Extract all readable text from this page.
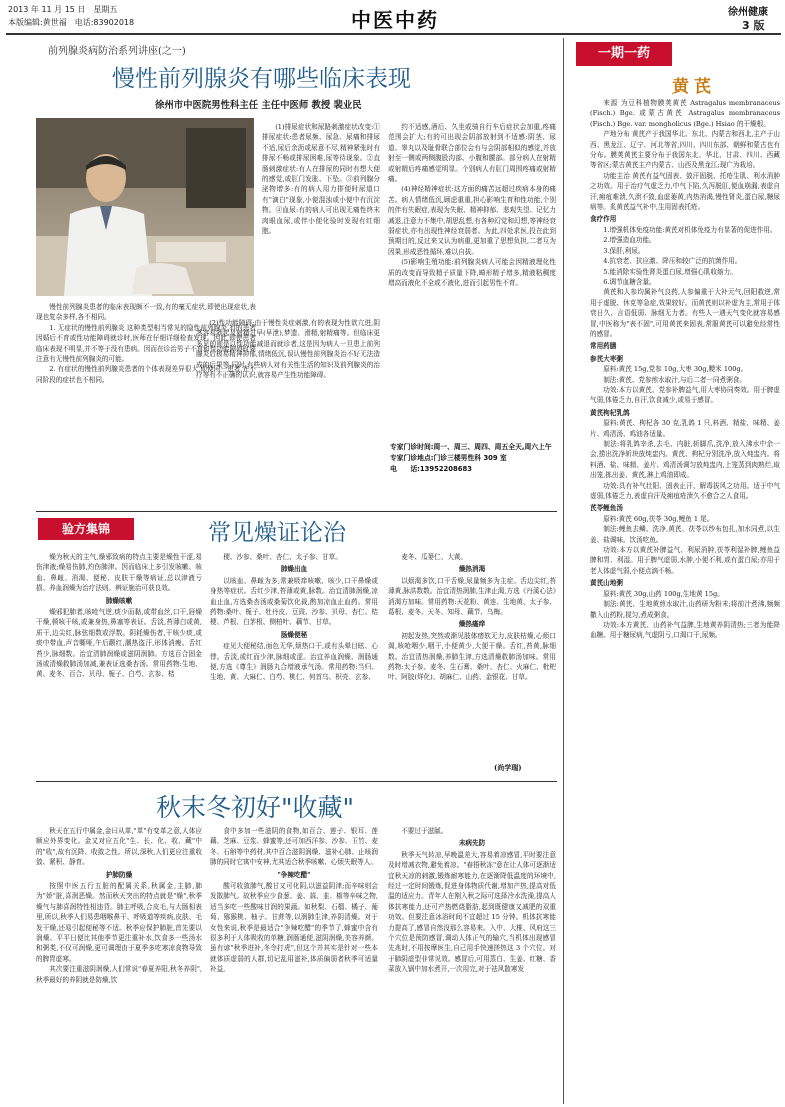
2013 年 11 月 15 日　星期五
本版编辑:黄世福　电话:83902018	中医中药	徐州健康
3 版
前列腺炎病防治系列讲座(之一)
慢性前列腺炎有哪些临床表现
徐州市中医院男性科主任 主任中医师 教授 裴业民

慢性前列腺炎患者的临床表现颇不一致,有的毫无症状,即使出现症状,表现也复杂多样,各不相同。

1. 无症状的慢性前列腺炎 这种类型相当常见的隐性前列腺炎,有的患者因婚后不育或性功能障碍就诊时,医师在仔细详细检查发现。因此,即使患者临床表现不明显,并不等于没有患病。因而在诊治男子不育和性功能障碍时要注意有无慢性前列腺炎的可能。

2. 有症状的慢性前列腺炎患者的个体表现差异很大,即便同一患者,在不同阶段的症状也不相同。

(1)排尿症状和尿路刺激症状改变:①排尿症状:患者尿频、尿急、尿痛和排尿不适,尿后余沥或尿意不尽,精神紧张时有排尿不畅或排尿困难,尿等待现象。②直肠刺激症状:有人在排尿的同时有想大便的感觉,或肛门发胀、下坠。③前列腺分泌物增多:有的病人用力排便时尿道口有"滴白"现象,小便混浊或小便中有沉淀物。④血尿:有的病人可出现无痛性终末肉眼血尿,或伴小便化验时发现有红细胞。

(2)性功能障碍:由于慢性炎症刺激,有的表现为性欲亢进,阴茎容易勃起及射精过早(早泄),梦遗、滑精,射精痛等。但临床更多见的则是以性功能减退而就诊者,这是因为病人一旦患上前列腺炎后极易精神抑郁,情绪低沉,误认慢性前列腺炎治不好无法造成的后果等,同时,有些病人对有关性生活的知识及前列腺炎的治疗等有不正确的认识,就容易产生性功能障碍。

约不适感,酒后、久坐或骑自行车后症状会加重,疼痛范围会扩大;有的可出现会阴部放射到不适感:阴茎、尿道、睾丸以及耻骨联合部位会有与会阴部相似的感觉,并放射至一侧或两侧腹股沟部、小腹和腰部。部分病人在射精或射精后疼痛感觉明显。个别病人有肛门周围疼痛或射精痛。

(4)神经精神症状:这方面的痛苦远超过疾病本身的痛苦。病人情绪低沉,顾虑重重,担心影响生育和性功能,个别的伴有失眠症,表现为失眠、精神抑郁、悲观失望、记忆力减退,注意力不集中,胡思乱想,有各种幻觉和幻想,等神经衰弱症状,亦有出现性神经衰弱者。为此,四处求医,投在此到预期目的,反过来又认为病重,更加重了思想负担,二者互为因果,形成恶性循环,难以自拔。

(5)影响生殖功能:前列腺炎病人可能会因精液理化性质的改变而导致精子质量下降,畸形精子增多,精液粘稠度增高而液化不全或不液化,进而引起男性不育。

专家门诊时间:周一、周三、周四、周五全天,周六上午
专家门诊地点:门诊三楼男性科 309 室
电　　话:13952208683
验方集锦	常见燥证论治

燥为秋天的主气,燥邪致病的特点主要是燥性干涩,易伤津液;燥易伤肺,灼伤肺津。因而临床上多引发咳嗽、咳血、鼻衄、消渴、便秘、皮肤干燥等病证,总以津液亏损、养血润燥为治疗法则。辨证施治可获良效。

肺燥咳嗽

燥邪犯肺者,咳呛气逆,痰少而黏,或带血丝,口干,唇燥干燥,顿咳干咳,或兼身热,鼻塞等表证。舌淡,苔薄白或黄,质干,边尖红,脉弦细数或浮数。阴耗燥伤者,干咳少痰,或痰中带血,声音嘶哑,午后颧红,潮热盗汗,形体消瘦。舌红苔少,脉细数。治宜清肺润燥或滋阴润肺。方选百合固金汤或清燥救肺汤加减,兼表证选桑杏汤。常用药物:生地、黄、麦冬、百合、贝母、栀子、白芍、玄参、桔

梗、沙参、桑叶、杏仁、太子参、甘草。

肺燥出血

以咳血、鼻衄为多,常兼吸痒咳嗽、咳少,口干鼻燥或身热等症状。舌红少津,苔薄或黄,脉数。治宜清肺润燥,凉血止血,方选桑杏汤或桑菊饮化裁,酌加凉血止血药。常用药物:桑叶、栀子、牡丹皮、豆豉、沙参、贝母、杏仁、桔梗、芦根、白茅根、侧柏叶、藕节、甘草。

肠燥便秘

症见大便秘结,面色无华,烦热口干,或有头晕目眩、心悸。舌淡,或红而少津,脉细或涩。治宜养血润燥、润肠通便,方选《尊生》润肠丸合增液承气汤。常用药物:当归、生地、黄、大麻仁、白芍、桃仁、何首乌、枳壳、玄参、

麦冬、瓜蒌仁、大黄。

燥热消渴

以烦渴多饮,口干舌燥,尿量频多为主症。舌边尖红,苔薄黄,脉洪数数。治宜清热润肺,生津止渴,方选《丹溪心法》消渴方加味。常用药物:天花粉、黄连、生地黄、太子参、葛根、麦冬、天冬、知母、藕节、乌梅。

燥热瘙痒

初起发热,突然或渐见肢体痿软无力,皮肤枯燥,心烦口渴,咳呛咽少,咽干,小便黄少,大便干燥。舌红,苔黄,脉细数。治宜清热润燥,养肺生津,方选清燥救肺汤加味。常用药物:太子参、麦冬、生石膏、桑叶、杏仁、火麻仁、枇杷叶、阿胶(烊化)、胡麻仁、山药、金银花、甘草。

(尚学瑞)
秋末冬初好"收藏"

秋天在五行中属金,金曰从革,"革"有变革之意,人体应顺应外界变化。金又对应五化"生、长、化、收、藏"中的"收",故有沉降、收敛之性。所以,深秋,人们更应注重收敛、紧积、静育。

护肺防燥

按照中医五行五脏的配属关系,秋属金,主肺,肺为"娇"脏,喜润恶燥。然而秋天突出的特点就是"燥",秋季燥气与肺喜润特性相违背。肺主呼吸,合皮毛,与大肠相表里,所以,秋季人们易患咽喉鼻干、呼吸道等疾病,皮肤、毛发干燥,还易引起便秘等不适。秋季应保护肺脏,首先要以润燥、平平日便比其他季节更注重补水,饮食多一些汤水和粥类,不仅可润燥,更可调理由于夏季多吃寒凉食物导致的脾胃虚寒。

其次要注重滋阴润燥,人们常说"春夏养阳,秋冬养阴",秋季最好的养阴就是防燥,饮

食中多加一些滋阴的食物,如百合、莲子、银耳、莲藕、芝麻、豆浆、蜂蜜等,还可加西洋参、沙参、玉竹、麦冬、石斛等中药材,其中百合滋阴润燥、滋补心肺、止咳润肺的同时它寓中安神,尤其适合秋季咳嗽、心烦失眠等人。

"争辣吃醋"

酸可收敛肺气,酸甘又可化阴,以滋益阴津;而辛味则会发散肺气。故秋季应少食葱、姜、蒜、韭、椒等辛味之物,适当多吃一些酸味甘润的果蔬。如秋梨、石榴、橘子、葡萄、猕猴桃、柚子、甘蔗等,以润肺生津,养阴清燥。对于女性来说,秋季是最适合"争辣吃醋"的季节了,蜂蜜中含有很多利于人体吸收的单糖,润肠通便,滋阴润燥,美容养颜。虽有谚"秋季进补,冬令打虎",但这个并其实是针对一些本就体质虚弱的人群,切记乱用滋补,体质偏弱者秋季可适量补益,

不要过于滋腻。

未病先防

秋季天气转凉,早晚温差大,容易着凉感冒,平时要注意及时增减衣物,避免着凉。"春捂秋冻"意在让人体可逐渐适宜秋天凉的刺激,锻炼耐寒能力,在逐渐降低温度的环境中,经过一定时间锻炼,促进身体物质代谢,增加产热,提高对低温的适应力。青年人在刚入秋之际可选择冷水洗澡,提高人体抗寒能力,还可产热燃烧脂肪,起到既健康又减肥的双重功效。但要注意冰浴时间不宜超过 15 分钟。机体抗寒能力提高了,感冒自然没那么容易来。入中、大椎、风府这三个穴位是预防感冒,调动人体正气的输穴,当机体出现感冒先兆时,不用按摩医生,自己用手快速搓热这 3 个穴位。对于肺阴虚型非常见效。感冒后,可用蒸白、生姜、红糖、香菜放入锅中加水煮开,一次用完,对于祛风散寒发

一期一药
黄芪

来源 为豆科植物膜荚黄芪 Astragalus membranaceus (Fisch.) Bge. 或蒙古黄芪 Astragalus membranaceus (Fisch.) Bge. var. mongholicus (Bge.) Hsiao 的干燥根。

产地分布 黄芪产于我国华北、东北、内蒙古和西北,主产于山西、黑龙江、辽宁、河北等省,四川、四川东部、朝鲜和蒙古也有分布。膜荚黄芪主要分布于我国东北、华北、甘肃、四川、西藏等省区;蒙古黄芪主产内蒙古、山西及黑龙江;现广为栽培。

功能主治 黄芪有益气固表、敛汗固脱、托疮生肌、利水消肿之功效。用于治疗气虚乏力,中气下陷,久泻脱肛,便血崩漏,表虚自汗,痈疽难溃,久溃不敛,血虚萎黄,内热消渴,慢性肾炎,蛋白尿,糖尿病等。炙黄芪益气补中,生用固表托疮。

食疗作用

1.增强机体免疫功能:黄芪对机体免疫力有显著的促进作用。

2.增强造血功能。

3.保肝,利尿。

4.抗衰老、抗应激、降压和较广泛的抗菌作用。

5.能消除实验性肾炎蛋白尿,增强心肌收缩力。

6.调节血糖含量。

黄芪和人参均属补气良药,人参偏重于大补元气,回阳救逆,常用于虚脱、休克等急症,效果较好。而黄芪则以补虚为主,常用于体衰日久、言语低弱、脉细无力者。有些人一遇天气变化就容易感冒,中医称为"表不固",可用黄芪来固表,常服黄芪可以避免经常性的感冒。

常用药膳

参芪大枣粥

原料:黄芪 15g,党参 10g,大枣 30g,粳米 100g。

制法:黄芪、党参煎水取汁,与后二者一同煮粥食。

功效:本方以黄芪、党参补脾益气,用大枣协同奏效。用于脾虚气弱,体倦乏力,自汗,饮食减少,或易于感冒。

黄芪枸杞乳鸽

原料:黄芪、枸杞各 30 克,乳鸽 1 只,料酒、精盐、味精、姜片、鸡清汤、鸡油各适量。

制法:将乳鸽宰杀,去毛、内脏,斩脚爪,洗净,放入沸水中余一会,捞出洗净斩块放炖盅内。黄芪、枸杞分别洗净,放入炖盅内。将料酒、盐、味精、姜片、鸡清汤调匀放炖盅内,上笼蒸到肉熟烂,取出笼,拣出姜、黄芪,淋上鸡油即成。

功效:具有补气壮阳、固表止汗、解毒拔风之功用。适于中气虚弱,体倦乏力,表虚自汗及痈疽疮溃久不愈合之人食用。

芪苓鲤鱼汤

原料:黄芪 60g,茯苓 30g,鲤鱼 1 尾。

制法:鲤鱼去鳞、洗净,黄芪、茯苓以纱布包扎,加水同煮,以生姜、盐调味。饮汤吃鱼。

功效:本方以黄芪补脾益气、利尿消肿,茯苓利湿补脾,鲤鱼益脾和胃、利湿。用于脾气虚弱,水肿,小便不利,或有蛋白尿;亦用于老人体虚气弱,小便点滴不畅。

黄芪山地粥

原料:黄芪 30g,山药 100g,生地黄 15g。

制法:黄芪、生地黄煎水取汁,山药研为粉末;将前汁煮沸,频频撒入山药粉,搅匀,煮成粥食。

功效:本方黄芪、山药补气益脾,生地黄养阴清热;三者为能降血糖。用于糖尿病,气虚阴亏,口渴口干,尿频。
